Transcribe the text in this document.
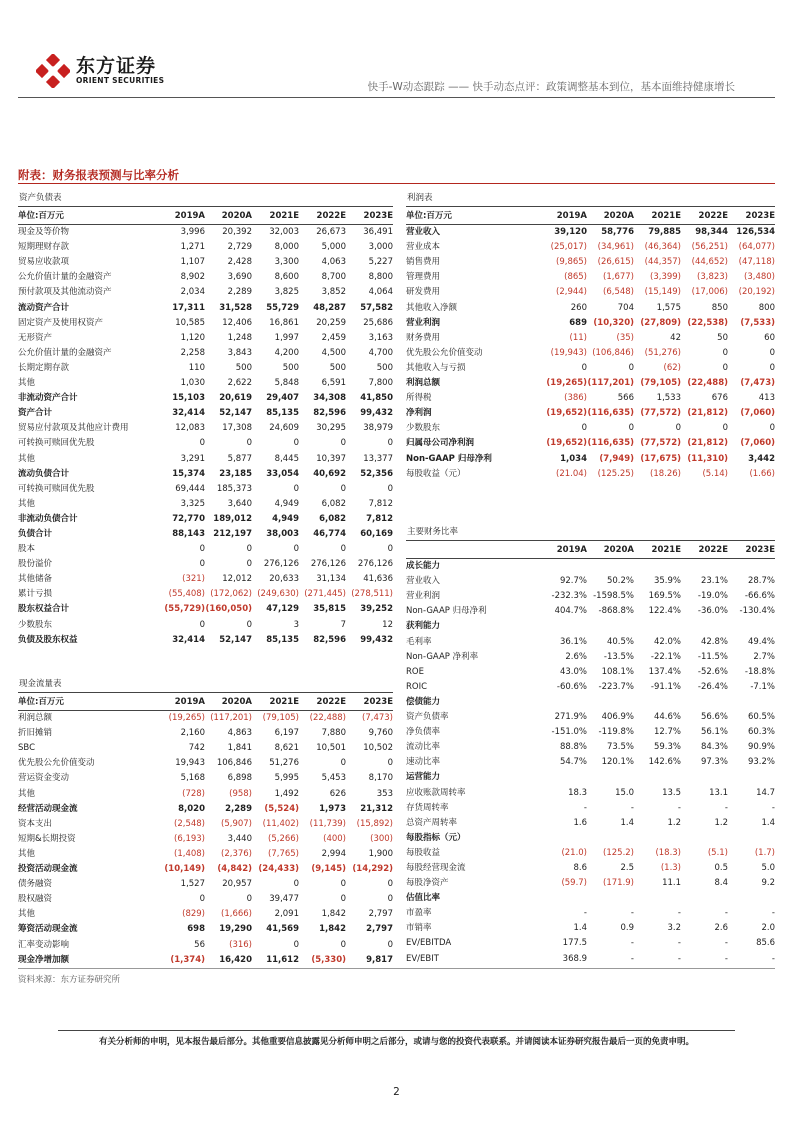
东方证券
ORIENT SECURITIES
快手-W动态跟踪 —— 快手动态点评：政策调整基本到位，基本面维持健康增长
附表：财务报表预测与比率分析
资产负债表
单位:百万元	2019A	2020A	2021E	2022E	2023E
现金及等价物	3,996	20,392	32,003	26,673	36,491
短期理财存款	1,271	2,729	8,000	5,000	3,000
贸易应收款项	1,107	2,428	3,300	4,063	5,227
公允价值计量的金融资产	8,902	3,690	8,600	8,700	8,800
预付款项及其他流动资产	2,034	2,289	3,825	3,852	4,064
流动资产合计	17,311	31,528	55,729	48,287	57,582
固定资产及使用权资产	10,585	12,406	16,861	20,259	25,686
无形资产	1,120	1,248	1,997	2,459	3,163
公允价值计量的金融资产	2,258	3,843	4,200	4,500	4,700
长期定期存款	110	500	500	500	500
其他	1,030	2,622	5,848	6,591	7,800
非流动资产合计	15,103	20,619	29,407	34,308	41,850
资产合计	32,414	52,147	85,135	82,596	99,432
贸易应付款项及其他应计费用	12,083	17,308	24,609	30,295	38,979
可转换可赎回优先股	0	0	0	0	0
其他	3,291	5,877	8,445	10,397	13,377
流动负债合计	15,374	23,185	33,054	40,692	52,356
可转换可赎回优先股	69,444	185,373	0	0	0
其他	3,325	3,640	4,949	6,082	7,812
非流动负债合计	72,770 189,012	4,949	6,082	7,812
负债合计	88,143 212,197	38,003	46,774	60,169
股本	0	0	0	0	0
股份溢价	0	0	276,126	276,126	276,126
其他储备	(321)	12,012	20,633	31,134	41,636
累计亏损	(55,408) (172,062) (249,630) (271,445) (278,511)
股东权益合计	(55,729) (160,050)	47,129	35,815	39,252
少数股东	0	0	3	7	12
负债及股东权益	32,414	52,147	85,135	82,596	99,432
利润表
单位:百万元	2019A	2020A	2021E	2022E	2023E
营业收入	39,120	58,776	79,885	98,344 126,534
营业成本	(25,017)	(34,961)	(46,364)	(56,251)	(64,077)
销售费用	(9,865)	(26,615)	(44,357)	(44,652)	(47,118)
管理费用	(865)	(1,677)	(3,399)	(3,823)	(3,480)
研发费用	(2,944)	(6,548)	(15,149)	(17,006)	(20,192)
其他收入净额	260	704	1,575	850	800
营业利润	689 (10,320) (27,809) (22,538)	(7,533)
财务费用	(11)	(35)	42	50	60
优先股公允价值变动	(19,943) (106,846)	(51,276)	0	0
其他收入与亏损	0	0	(62)	0	0
利润总额	(19,265) (117,201) (79,105) (22,488)	(7,473)
所得税	(386)	566	1,533	676	413
净利润	(19,652) (116,635) (77,572) (21,812)	(7,060)
少数股东	0	0	0	0	0
归属母公司净利润	(19,652) (116,635) (77,572) (21,812)	(7,060)
Non-GAAP 归母净利	1,034	(7,949) (17,675) (11,310)	3,442
每股收益（元）	(21.04)	(125.25)	(18.26)	(5.14)	(1.66)
主要财务比率
2019A	2020A	2021E	2022E	2023E
成长能力
营业收入	92.7%	50.2%	35.9%	23.1%	28.7%
营业利润	-232.3% -1598.5%	169.5%	-19.0%	-66.6%
Non-GAAP 归母净利	404.7%	-868.8%	122.4%	-36.0%	-130.4%
获利能力
毛利率	36.1%	40.5%	42.0%	42.8%	49.4%
Non-GAAP 净利率	2.6%	-13.5%	-22.1%	-11.5%	2.7%
ROE	43.0%	108.1%	137.4%	-52.6%	-18.8%
ROIC	-60.6%	-223.7%	-91.1%	-26.4%	-7.1%
偿债能力
资产负债率	271.9%	406.9%	44.6%	56.6%	60.5%
净负债率	-151.0%	-119.8%	12.7%	56.1%	60.3%
流动比率	88.8%	73.5%	59.3%	84.3%	90.9%
速动比率	54.7%	120.1%	142.6%	97.3%	93.2%
运营能力
应收账款周转率	18.3	15.0	13.5	13.1	14.7
存货周转率	-	-	-	-	-
总资产周转率	1.6	1.4	1.2	1.2	1.4
每股指标（元）
每股收益	(21.0)	(125.2)	(18.3)	(5.1)	(1.7)
每股经营现金流	8.6	2.5	(1.3)	0.5	5.0
每股净资产	(59.7)	(171.9)	11.1	8.4	9.2
估值比率
市盈率	-	-	-	-	-
市销率	1.4	0.9	3.2	2.6	2.0
EV/EBITDA	177.5	-	-	-	85.6
EV/EBIT	368.9	-	-	-	-
现金流量表
单位:百万元	2019A	2020A	2021E	2022E	2023E
利润总额	(19,265) (117,201)	(79,105)	(22,488)	(7,473)
折旧摊销	2,160	4,863	6,197	7,880	9,760
SBC	742	1,841	8,621	10,501	10,502
优先股公允价值变动	19,943	106,846	51,276	0	0
营运资金变动	5,168	6,898	5,995	5,453	8,170
其他	(728)	(958)	1,492	626	353
经营活动现金流	8,020	2,289	(5,524)	1,973	21,312
资本支出	(2,548)	(5,907)	(11,402)	(11,739)	(15,892)
短期&长期投资	(6,193)	3,440	(5,266)	(400)	(300)
其他	(1,408)	(2,376)	(7,765)	2,994	1,900
投资活动现金流	(10,149)	(4,842) (24,433)	(9,145) (14,292)
债务融资	1,527	20,957	0	0	0
股权融资	0	0	39,477	0	0
其他	(829)	(1,666)	2,091	1,842	2,797
筹资活动现金流	698	19,290	41,569	1,842	2,797
汇率变动影响	56	(316)	0	0	0
现金净增加额	(1,374)	16,420	11,612	(5,330)	9,817
资料来源：东方证券研究所
有关分析师的申明，见本报告最后部分。其他重要信息披露见分析师申明之后部分，或请与您的投资代表联系。并请阅读本证券研究报告最后一页的免责申明。
2
